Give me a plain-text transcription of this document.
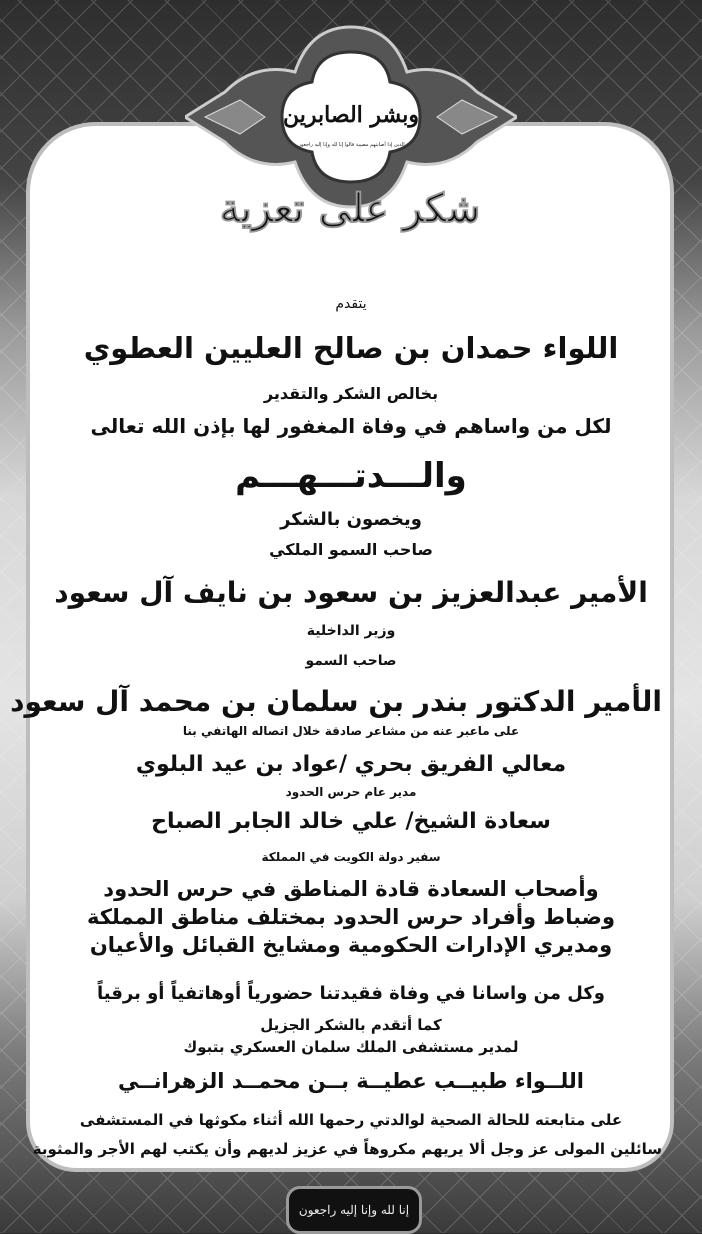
وبشر الصابرين
الذين إذا أصابتهم مصيبة قالوا إنا لله وإنا إليه راجعون
شكر على تعزية
يتقدم
اللواء حمدان بن صالح العليين العطوي
بخالص الشكر والتقدير
لكل من واساهم في وفاة المغفور لها بإذن الله تعالى
والـــدتـــهـــم
ويخصون بالشكر
صاحب السمو الملكي
الأمير عبدالعزيز بن سعود بن نايف آل سعود
وزير الداخلية
صاحب السمو
الأمير الدكتور بندر بن سلمان بن محمد آل سعود
على ماعبر عنه من مشاعر صادقة خلال اتصاله الهاتفي بنا
معالي الفريق بحري /عواد بن عيد البلوي
مدير عام حرس الحدود
سعادة الشيخ/ علي خالد الجابر الصباح
سفير دولة الكويت في المملكة
وأصحاب السعادة قادة المناطق في حرس الحدود
وضباط وأفراد حرس الحدود بمختلف مناطق المملكة
ومديري الإدارات الحكومية ومشايخ القبائل والأعيان
وكل من واسانا في وفاة فقيدتنا حضورياً أوهاتفياً أو برقياً
كما أتقدم بالشكر الجزيل
لمدير مستشفى الملك سلمان العسكري بتبوك
اللــواء طبيــب عطيــة بــن محمــد الزهرانــي
على متابعته للحالة الصحية لوالدتي رحمها الله أثناء مكوثها في المستشفى
سائلين المولى عز وجل ألا يريهم مكروهاً في عزيز لديهم وأن يكتب لهم الأجر والمثوبة
إنا لله وإنا إليه راجعون
